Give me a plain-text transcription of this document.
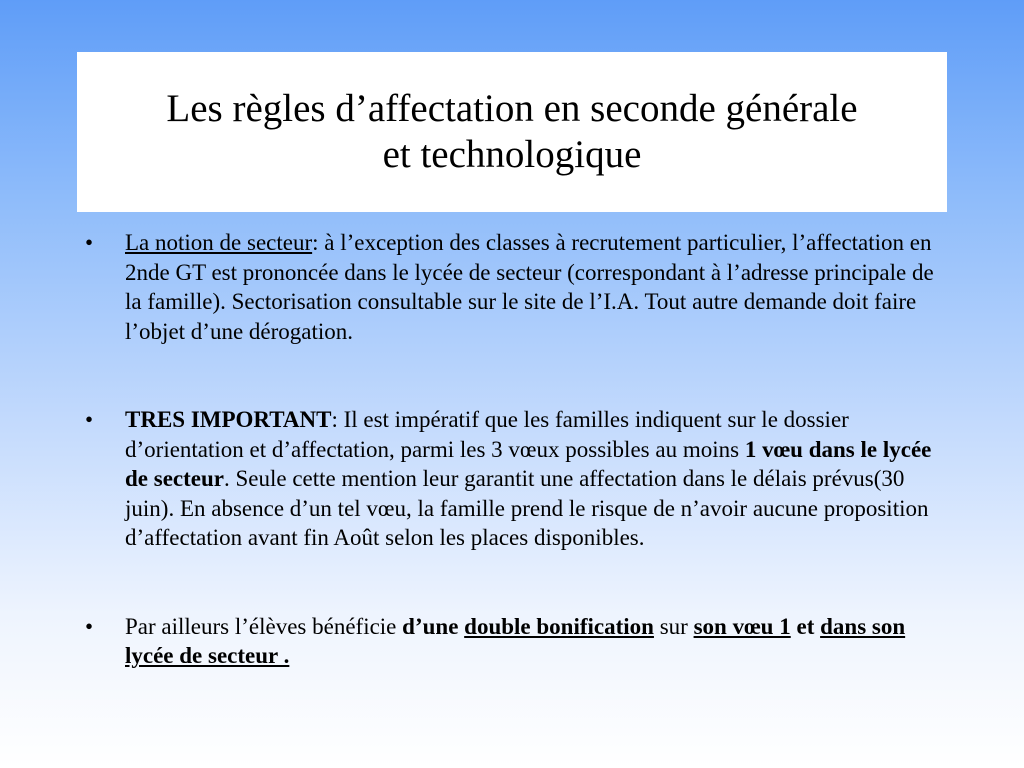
Les règles d’affectation en seconde générale
et technologique

•	La notion de secteur: à l’exception des classes à recrutement particulier, l’affectation en 2nde GT est prononcée dans le lycée de secteur (correspondant à l’adresse principale de la famille). Sectorisation consultable sur le site de l’I.A. Tout autre demande doit faire l’objet d’une dérogation.

•	TRES IMPORTANT: Il est impératif que les familles indiquent sur le dossier d’orientation et d’affectation, parmi les 3 vœux possibles au moins 1 vœu dans le lycée de secteur. Seule cette mention leur garantit une affectation dans le délais prévus(30 juin). En absence d’un tel vœu, la famille prend le risque de n’avoir aucune proposition d’affectation avant fin Août selon les places disponibles.

•	Par ailleurs l’élèves bénéficie d’une double bonification sur son vœu 1 et dans son lycée de secteur .
